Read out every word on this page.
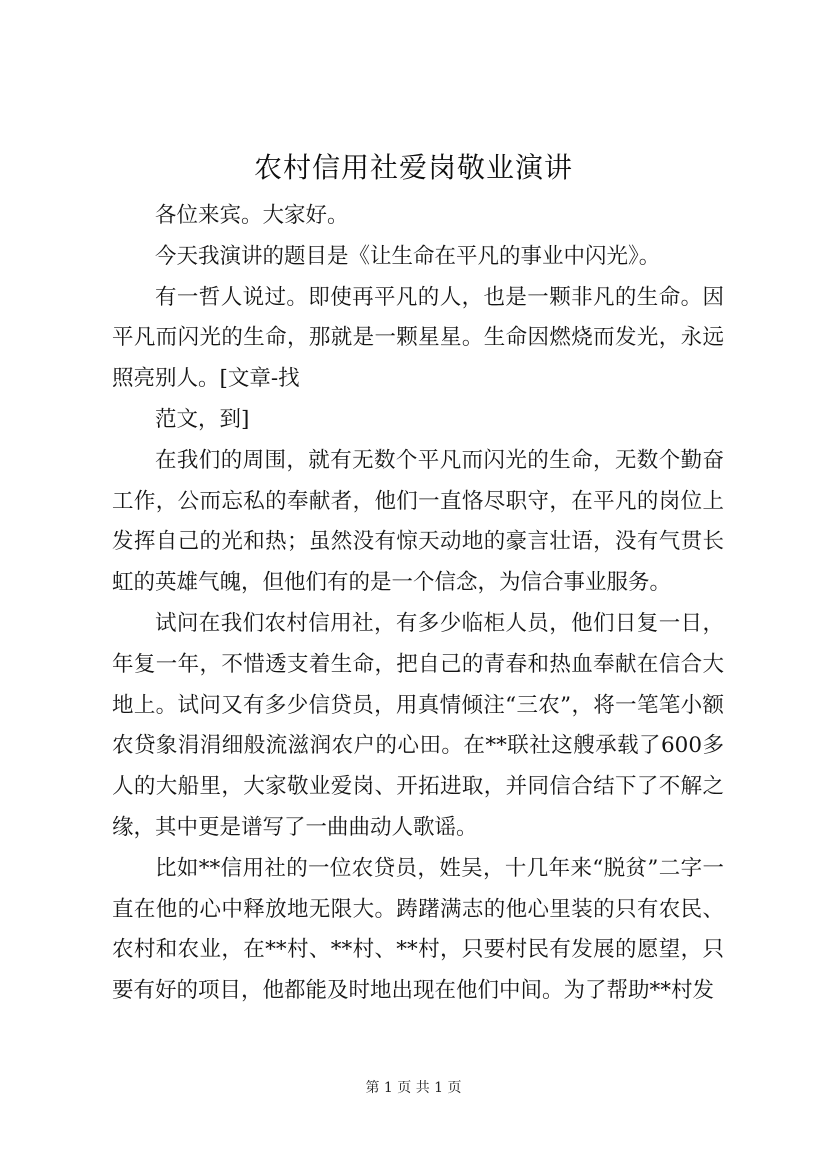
农村信用社爱岗敬业演讲

各位来宾。大家好。

今天我演讲的题目是《让生命在平凡的事业中闪光》。

有一哲人说过。即使再平凡的人，也是一颗非凡的生命。因平凡而闪光的生命，那就是一颗星星。生命因燃烧而发光，永远照亮别人。[文章-找

范文，到]

在我们的周围，就有无数个平凡而闪光的生命，无数个勤奋工作，公而忘私的奉献者，他们一直恪尽职守，在平凡的岗位上发挥自己的光和热；虽然没有惊天动地的豪言壮语，没有气贯长虹的英雄气魄，但他们有的是一个信念，为信合事业服务。

试问在我们农村信用社，有多少临柜人员，他们日复一日，年复一年，不惜透支着生命，把自己的青春和热血奉献在信合大地上。试问又有多少信贷员，用真情倾注“三农”，将一笔笔小额农贷象涓涓细般流滋润农户的心田。在**联社这艘承载了600多人的大船里，大家敬业爱岗、开拓进取，并同信合结下了不解之缘，其中更是谱写了一曲曲动人歌谣。

比如**信用社的一位农贷员，姓吴，十几年来“脱贫”二字一直在他的心中释放地无限大。踌躇满志的他心里装的只有农民、农村和农业，在**村、**村、**村，只要村民有发展的愿望，只要有好的项目，他都能及时地出现在他们中间。为了帮助**村发

第 1 页 共 1 页
